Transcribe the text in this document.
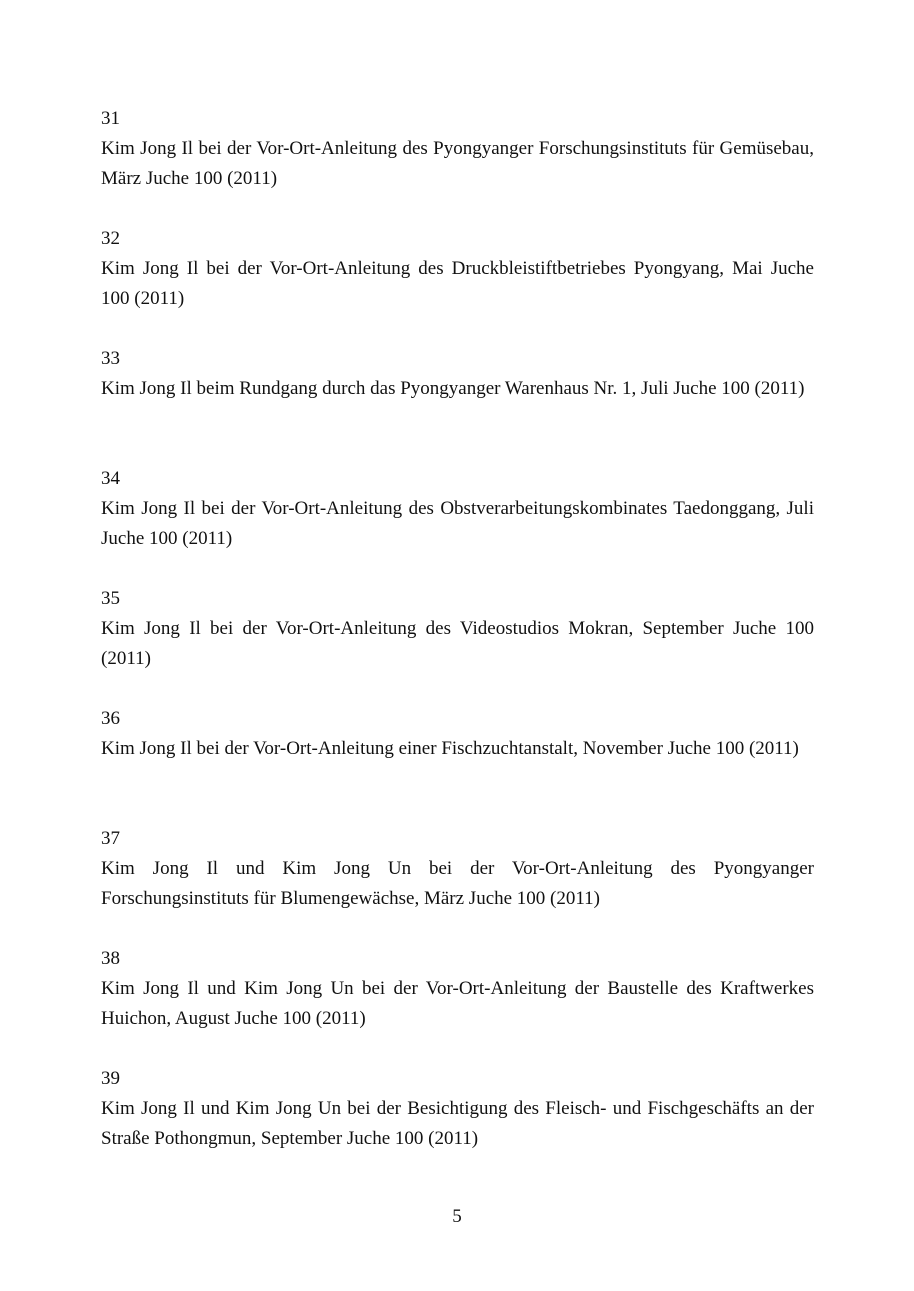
31

Kim Jong Il bei der Vor-Ort-Anleitung des Pyongyanger Forschungsinstituts für Gemüsebau, März Juche 100 (2011)

32

Kim Jong Il bei der Vor-Ort-Anleitung des Druckbleistiftbetriebes Pyongyang, Mai Juche 100 (2011)

33

Kim Jong Il beim Rundgang durch das Pyongyanger Warenhaus Nr. 1, Juli Juche 100 (2011)

34

Kim Jong Il bei der Vor-Ort-Anleitung des Obstverarbeitungskombinates Taedonggang, Juli Juche 100 (2011)

35

Kim Jong Il bei der Vor-Ort-Anleitung des Videostudios Mokran, September Juche 100 (2011)

36

Kim Jong Il bei der Vor-Ort-Anleitung einer Fischzuchtanstalt, November Juche 100 (2011)

37

Kim Jong Il und Kim Jong Un bei der Vor-Ort-Anleitung des Pyongyanger Forschungsinstituts für Blumengewächse, März Juche 100 (2011)

38

Kim Jong Il und Kim Jong Un bei der Vor-Ort-Anleitung der Baustelle des Kraftwerkes Huichon, August Juche 100 (2011)

39

Kim Jong Il und Kim Jong Un bei der Besichtigung des Fleisch- und Fischgeschäfts an der Straße Pothongmun, September Juche 100 (2011)

5
